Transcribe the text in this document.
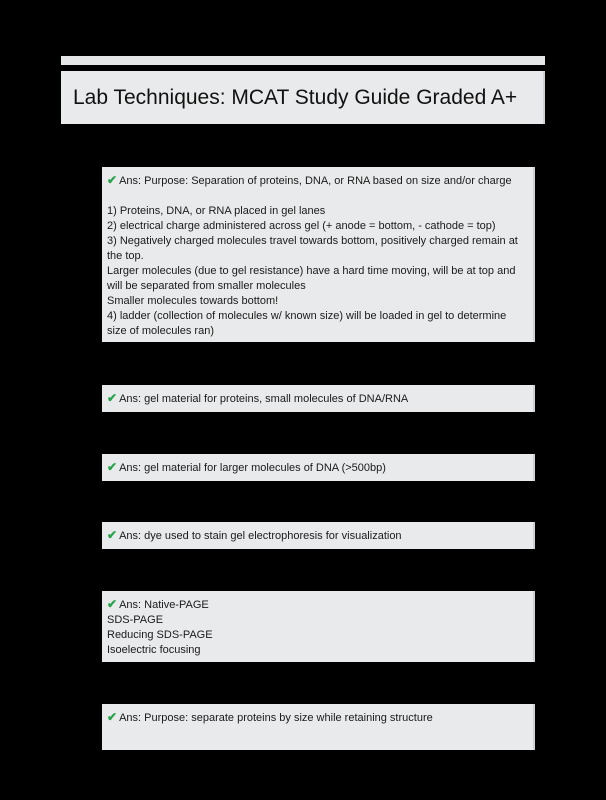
Lab Techniques: MCAT Study Guide Graded A+
✔ Ans: Purpose: Separation of proteins, DNA, or RNA based on size and/or charge
1) Proteins, DNA, or RNA placed in gel lanes
2) electrical charge administered across gel (+ anode = bottom, - cathode = top)
3) Negatively charged molecules travel towards bottom, positively charged remain at the top.
Larger molecules (due to gel resistance) have a hard time moving, will be at top and will be separated from smaller molecules
Smaller molecules towards bottom!
4) ladder (collection of molecules w/ known size) will be loaded in gel to determine size of molecules ran)
✔ Ans: gel material for proteins, small molecules of DNA/RNA
✔ Ans: gel material for larger molecules of DNA (>500bp)
✔ Ans: dye used to stain gel electrophoresis for visualization
✔ Ans: Native-PAGE
SDS-PAGE
Reducing SDS-PAGE
Isoelectric focusing
✔ Ans: Purpose: separate proteins by size while retaining structure
